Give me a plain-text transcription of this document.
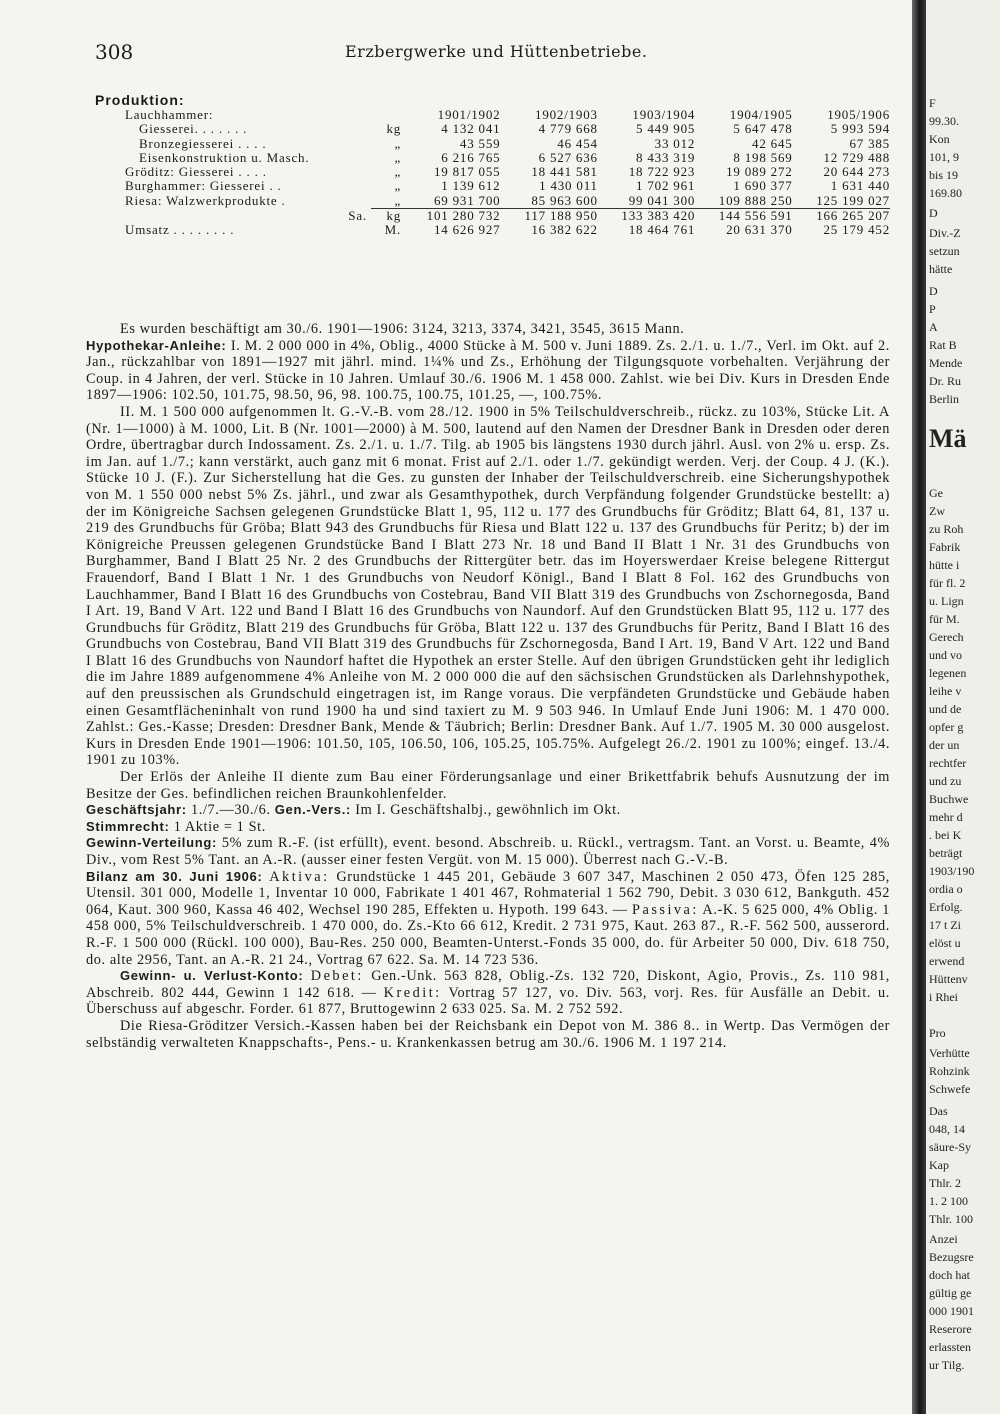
308	Erzbergwerke und Hüttenbetriebe.
Produktion:
Lauchhammer:		1901/1902	1902/1903	1903/1904	1904/1905	1905/1906
Giesserei. . . . . . .	kg	4 132 041	4 779 668	5 449 905	5 647 478	5 993 594
Bronzegiesserei . . . .	„	43 559	46 454	33 012	42 645	67 385
Eisenkonstruktion u. Masch.	„	6 216 765	6 527 636	8 433 319	8 198 569	12 729 488
Gröditz: Giesserei . . . .	„	19 817 055	18 441 581	18 722 923	19 089 272	20 644 273
Burghammer: Giesserei . .	„	1 139 612	1 430 011	1 702 961	1 690 377	1 631 440
Riesa: Walzwerkprodukte .	„	69 931 700	85 963 600	99 041 300	109 888 250	125 199 027
Sa.	kg	101 280 732	117 188 950	133 383 420	144 556 591	166 265 207
Umsatz . . . . . . . .	M.	14 626 927	16 382 622	18 464 761	20 631 370	25 179 452

Es wurden beschäftigt am 30./6. 1901—1906: 3124, 3213, 3374, 3421, 3545, 3615 Mann.

Hypothekar-Anleihe: I. M. 2 000 000 in 4%, Oblig., 4000 Stücke à M. 500 v. Juni 1889. Zs. 2./1. u. 1./7., Verl. im Okt. auf 2. Jan., rückzahlbar von 1891—1927 mit jährl. mind. 1¼% und Zs., Erhöhung der Tilgungsquote vorbehalten. Verjährung der Coup. in 4 Jahren, der verl. Stücke in 10 Jahren. Umlauf 30./6. 1906 M. 1 458 000. Zahlst. wie bei Div. Kurs in Dresden Ende 1897—1906: 102.50, 101.75, 98.50, 96, 98. 100.75, 100.75, 101.25, —, 100.75%.

II. M. 1 500 000 aufgenommen lt. G.-V.-B. vom 28./12. 1900 in 5% Teilschuldverschreib., rückz. zu 103%, Stücke Lit. A (Nr. 1—1000) à M. 1000, Lit. B (Nr. 1001—2000) à M. 500, lautend auf den Namen der Dresdner Bank in Dresden oder deren Ordre, übertragbar durch Indossament. Zs. 2./1. u. 1./7. Tilg. ab 1905 bis längstens 1930 durch jährl. Ausl. von 2% u. ersp. Zs. im Jan. auf 1./7.; kann verstärkt, auch ganz mit 6 monat. Frist auf 2./1. oder 1./7. gekündigt werden. Verj. der Coup. 4 J. (K.). Stücke 10 J. (F.). Zur Sicherstellung hat die Ges. zu gunsten der Inhaber der Teilschuldverschreib. eine Sicherungshypothek von M. 1 550 000 nebst 5% Zs. jährl., und zwar als Gesamthypothek, durch Verpfändung folgender Grundstücke bestellt: a) der im Königreiche Sachsen gelegenen Grundstücke Blatt 1, 95, 112 u. 177 des Grundbuchs für Gröditz; Blatt 64, 81, 137 u. 219 des Grundbuchs für Gröba; Blatt 943 des Grundbuchs für Riesa und Blatt 122 u. 137 des Grundbuchs für Peritz; b) der im Königreiche Preussen gelegenen Grundstücke Band I Blatt 273 Nr. 18 und Band II Blatt 1 Nr. 31 des Grundbuchs von Burghammer, Band I Blatt 25 Nr. 2 des Grundbuchs der Rittergüter betr. das im Hoyerswerdaer Kreise belegene Rittergut Frauendorf, Band I Blatt 1 Nr. 1 des Grundbuchs von Neudorf Königl., Band I Blatt 8 Fol. 162 des Grundbuchs von Lauchhammer, Band I Blatt 16 des Grundbuchs von Costebrau, Band VII Blatt 319 des Grundbuchs von Zschornegosda, Band I Art. 19, Band V Art. 122 und Band I Blatt 16 des Grundbuchs von Naundorf. Auf den Grundstücken Blatt 95, 112 u. 177 des Grundbuchs für Gröditz, Blatt 219 des Grundbuchs für Gröba, Blatt 122 u. 137 des Grundbuchs für Peritz, Band I Blatt 16 des Grundbuchs von Costebrau, Band VII Blatt 319 des Grundbuchs für Zschornegosda, Band I Art. 19, Band V Art. 122 und Band I Blatt 16 des Grundbuchs von Naundorf haftet die Hypothek an erster Stelle. Auf den übrigen Grundstücken geht ihr lediglich die im Jahre 1889 aufgenommene 4% Anleihe von M. 2 000 000 die auf den sächsischen Grundstücken als Darlehnshypothek, auf den preussischen als Grundschuld eingetragen ist, im Range voraus. Die verpfändeten Grundstücke und Gebäude haben einen Gesamtflächeninhalt von rund 1900 ha und sind taxiert zu M. 9 503 946. In Umlauf Ende Juni 1906: M. 1 470 000. Zahlst.: Ges.-Kasse; Dresden: Dresdner Bank, Mende & Täubrich; Berlin: Dresdner Bank. Auf 1./7. 1905 M. 30 000 ausgelost. Kurs in Dresden Ende 1901—1906: 101.50, 105, 106.50, 106, 105.25, 105.75%. Aufgelegt 26./2. 1901 zu 100%; eingef. 13./4. 1901 zu 103%.

Der Erlös der Anleihe II diente zum Bau einer Förderungsanlage und einer Brikettfabrik behufs Ausnutzung der im Besitze der Ges. befindlichen reichen Braunkohlenfelder.

Geschäftsjahr: 1./7.—30./6. Gen.-Vers.: Im I. Geschäftshalbj., gewöhnlich im Okt.

Stimmrecht: 1 Aktie = 1 St.

Gewinn-Verteilung: 5% zum R.-F. (ist erfüllt), event. besond. Abschreib. u. Rückl., vertragsm. Tant. an Vorst. u. Beamte, 4% Div., vom Rest 5% Tant. an A.-R. (ausser einer festen Vergüt. von M. 15 000). Überrest nach G.-V.-B.

Bilanz am 30. Juni 1906: Aktiva: Grundstücke 1 445 201, Gebäude 3 607 347, Maschinen 2 050 473, Öfen 125 285, Utensil. 301 000, Modelle 1, Inventar 10 000, Fabrikate 1 401 467, Rohmaterial 1 562 790, Debit. 3 030 612, Bankguth. 452 064, Kaut. 300 960, Kassa 46 402, Wechsel 190 285, Effekten u. Hypoth. 199 643. — Passiva: A.-K. 5 625 000, 4% Oblig. 1 458 000, 5% Teilschuldverschreib. 1 470 000, do. Zs.-Kto 66 612, Kredit. 2 731 975, Kaut. 263 87., R.-F. 562 500, ausserord. R.-F. 1 500 000 (Rückl. 100 000), Bau-Res. 250 000, Beamten-Unterst.-Fonds 35 000, do. für Arbeiter 50 000, Div. 618 750, do. alte 2956, Tant. an A.-R. 21 24., Vortrag 67 622. Sa. M. 14 723 536.

Gewinn- u. Verlust-Konto: Debet: Gen.-Unk. 563 828, Oblig.-Zs. 132 720, Diskont, Agio, Provis., Zs. 110 981, Abschreib. 802 444, Gewinn 1 142 618. — Kredit: Vortrag 57 127, vo. Div. 563, vorj. Res. für Ausfälle an Debit. u. Überschuss auf abgeschr. Forder. 61 877, Bruttogewinn 2 633 025. Sa. M. 2 752 592.

Die Riesa-Gröditzer Versich.-Kassen haben bei der Reichsbank ein Depot von M. 386 8.. in Wertp. Das Vermögen der selbständig verwalteten Knappschafts-, Pens.- u. Krankenkassen betrug am 30./6. 1906 M. 1 197 214.

F
99.30.
Kon
101, 9
bis 19
169.80
D
Div.-Z
setzun
hätte
D
P
A
Rat B
Mende
Dr. Ru
Berlin
Mä
Ge
Zw
zu Roh
Fabrik
hütte i
für fl. 2
u. Lign
für M.
Gerech
und vo
legenen
leihe v
und de
opfer g
der un
rechtfer
und zu
Buchwe
mehr d
. bei K
beträgt
1903/190
ordia o
Erfolg.
17 t Zi
elöst u
erwend
Hüttenv
i Rhei
Pro
Verhütte
Rohzink
Schwefe
Das
048, 14
säure-Sy
Kap
Thlr. 2
1. 2 100
Thlr. 100
Anzei
Bezugsre
doch hat
gültig ge
000 1901
Reserore
erlassten
ur Tilg.
